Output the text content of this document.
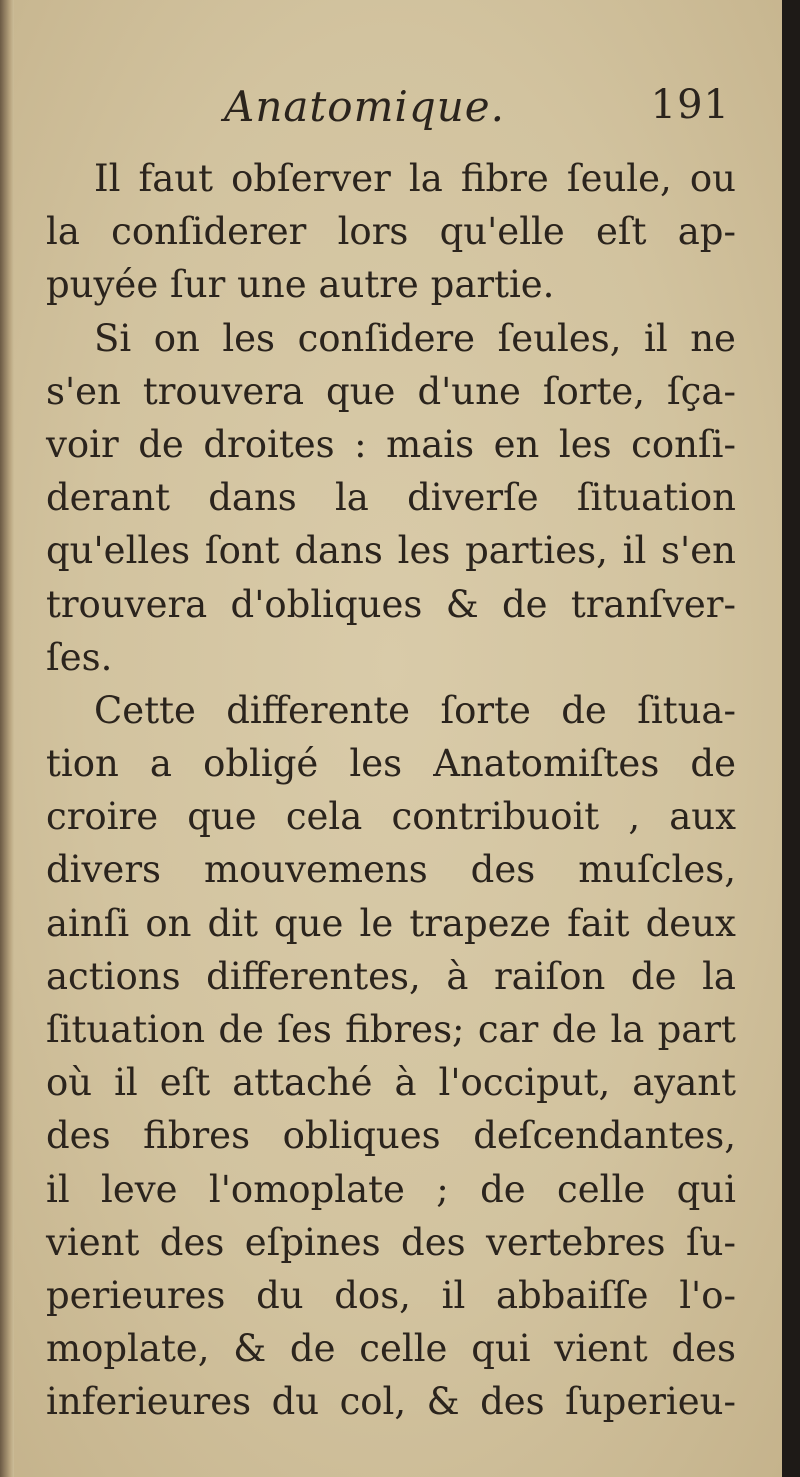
Anatomique.	191
Il faut obſerver la fibre ſeule, ou
la conſiderer lors qu'elle eſt ap-
puyée ſur une autre partie.
Si on les conſidere ſeules, il ne
s'en trouvera que d'une ſorte, ſça-
voir de droites : mais en les conſi-
derant dans la diverſe ſituation
qu'elles ſont dans les parties, il s'en
trouvera d'obliques & de tranſver-
ſes.
Cette differente ſorte de ſitua-
tion a obligé les Anatomiſtes de
croire que cela contribuoit , aux
divers mouvemens des muſcles,
ainſi on dit que le trapeze fait deux
actions differentes, à raiſon de la
ſituation de ſes fibres; car de la part
où il eſt attaché à l'occiput, ayant
des fibres obliques deſcendantes,
il leve l'omoplate ; de celle qui
vient des eſpines des vertebres ſu-
perieures du dos, il abbaiſſe l'o-
moplate, & de celle qui vient des
inferieures du col, & des ſuperieu-
